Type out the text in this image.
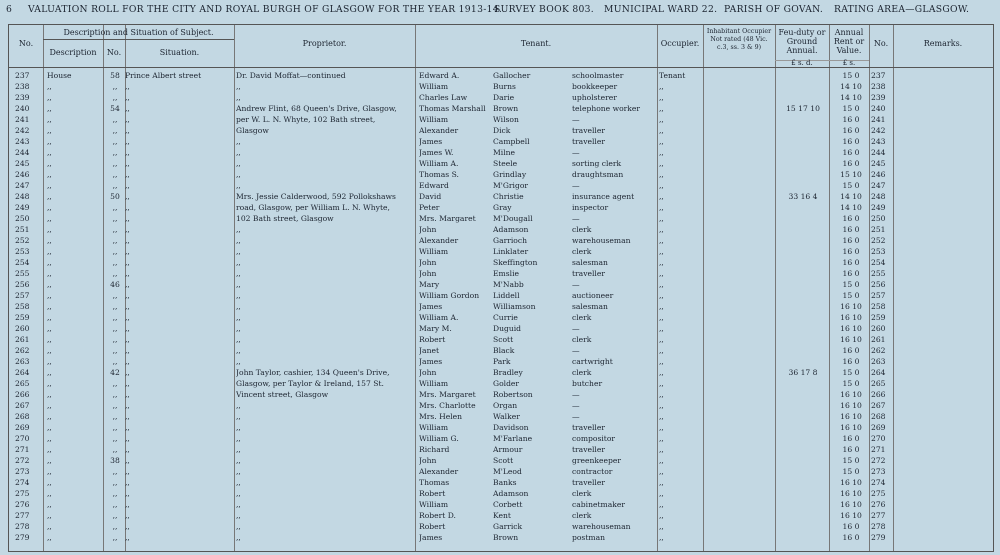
6 VALUATION ROLL FOR THE CITY AND ROYAL BURGH OF GLASGOW FOR THE YEAR 1913-14.
SURVEY BOOK 803. MUNICIPAL WARD 22. PARISH OF GOVAN. RATING AREA—GLASGOW.
No.
Description and Situation of Subject.
Description	No.	Situation.
Proprietor.	Tenant.	Occupier.
Inhabitant Occupier Not rated (48 Vic. c.3, ss. 3 & 9)
Feu-duty or Ground Annual.
£ s. d.
Annual Rent or Value.
£ s.
No.	Remarks.
237	House	58 Prince Albert street	Dr. David Moffat—continued	Edward A.	Gallocher	schoolmaster	Tenant	15 0	237
238	,,	,, ,,	,,	William	Burns	bookkeeper	,,	14 10	238
239	,,	,, ,,	,,	Charles Law	Darie	upholsterer	,,	14 10	239
240	,,	54 ,,	Andrew Flint, 68 Queen's Drive, Glasgow,	Thomas Marshall Brown	telephone worker	,,	15 17 10	15 0	240
241	,,	,, ,,	per W. L. N. Whyte, 102 Bath street,	William	Wilson	—	,,	16 0	241
242	,,	,, ,,	Glasgow	Alexander	Dick	traveller	,,	16 0	242
243	,,	,, ,,	,,	James	Campbell	traveller	,,	16 0	243
244	,,	,, ,,	,,	James W.	Milne	—	,,	16 0	244
245	,,	,, ,,	,,	William A.	Steele	sorting clerk	,,	16 0	245
246	,,	,, ,,	,,	Thomas S.	Grindlay	draughtsman	,,	15 10	246
247	,,	,, ,,	,,	Edward	M'Grigor	—	,,	15 0	247
248	,,	50 ,,	Mrs. Jessie Calderwood, 592 Pollokshaws	David	Christie	insurance agent	,,	33 16 4	14 10	248
249	,,	,, ,,	road, Glasgow, per William L. N. Whyte,	Peter	Gray	inspector	,,	14 10	249
250	,,	,, ,,	102 Bath street, Glasgow	Mrs. Margaret	M'Dougall	—	,,	16 0	250
251	,,	,, ,,	,,	John	Adamson	clerk	,,	16 0	251
252	,,	,, ,,	,,	Alexander	Garrioch	warehouseman	,,	16 0	252
253	,,	,, ,,	,,	William	Linklater	clerk	,,	16 0	253
254	,,	,, ,,	,,	John	Skeffington	salesman	,,	16 0	254
255	,,	,, ,,	,,	John	Emslie	traveller	,,	16 0	255
256	,,	46 ,,	,,	Mary	M'Nabb	—	,,	15 0	256
257	,,	,, ,,	,,	William Gordon	Liddell	auctioneer	,,	15 0	257
258	,,	,, ,,	,,	James	Williamson	salesman	,,	16 10	258
259	,,	,, ,,	,,	William A.	Currie	clerk	,,	16 10	259
260	,,	,, ,,	,,	Mary M.	Duguid	—	,,	16 10	260
261	,,	,, ,,	,,	Robert	Scott	clerk	,,	16 10	261
262	,,	,, ,,	,,	Janet	Black	—	,,	16 0	262
263	,,	,, ,,	,,	James	Park	cartwright	,,	16 0	263
264	,,	42 ,,	John Taylor, cashier, 134 Queen's Drive,	John	Bradley	clerk	,,	36 17 8	15 0	264
265	,,	,, ,,	Glasgow, per Taylor & Ireland, 157 St.	William	Golder	butcher	,,	15 0	265
266	,,	,, ,,	Vincent street, Glasgow	Mrs. Margaret	Robertson	—	,,	16 10	266
267	,,	,, ,,	,,	Mrs. Charlotte	Organ	—	,,	16 10	267
268	,,	,, ,,	,,	Mrs. Helen	Walker	—	,,	16 10	268
269	,,	,, ,,	,,	William	Davidson	traveller	,,	16 10	269
270	,,	,, ,,	,,	William G.	M'Farlane	compositor	,,	16 0	270
271	,,	,, ,,	,,	Richard	Armour	traveller	,,	16 0	271
272	,,	38 ,,	,,	John	Scott	greenkeeper	,,	15 0	272
273	,,	,, ,,	,,	Alexander	M'Leod	contractor	,,	15 0	273
274	,,	,, ,,	,,	Thomas	Banks	traveller	,,	16 10	274
275	,,	,, ,,	,,	Robert	Adamson	clerk	,,	16 10	275
276	,,	,, ,,	,,	William	Corbett	cabinetmaker	,,	16 10	276
277	,,	,, ,,	,,	Robert D.	Kent	clerk	,,	16 10	277
278	,,	,, ,,	,,	Robert	Garrick	warehouseman	,,	16 0	278
279	,,	,, ,,	,,	James	Brown	postman	,,	16 0	279
